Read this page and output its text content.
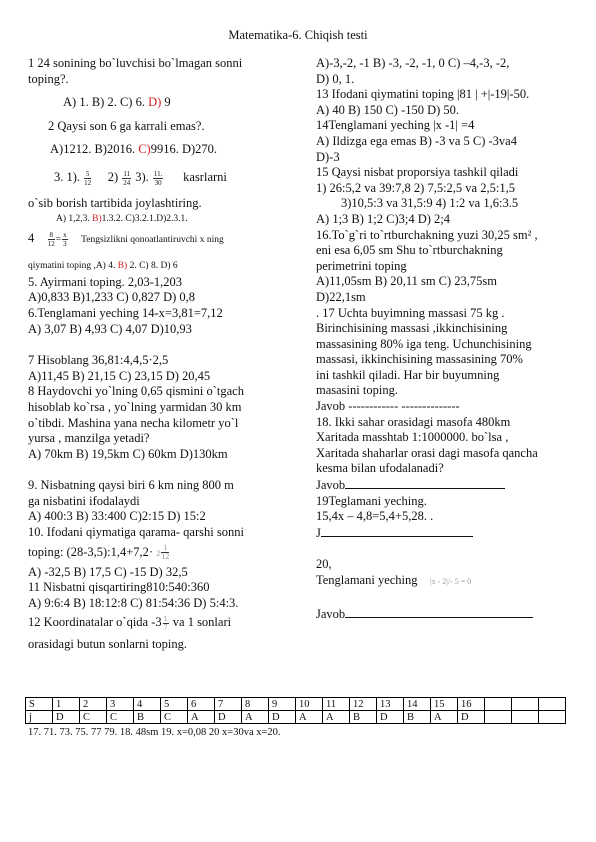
Matematika-6. Chiqish testi
1 24 sonining bo`luvchisi bo`lmagan sonni
toping?.
A) 1. B) 2. C) 6. D) 9
2 Qaysi son 6 ga karrali emas?.
A)1212. B)2016. C)9916. D)270.
3. 1). $\frac{5}{12} 2) \frac{11}{24} 3$). $\frac{11.}{30}$ kasrlarni
o`sib borish tartibida joylashtiring.
A) 1,2,3. B)1.3.2. C)3.2.1.D)2.3.1.
$4 \frac{8}{12} = \frac{x}{3}$ Tengsizliknі qonoatlantiruvchi x ning
qiymatini toping ,A) 4. B) 2. C) 8. D) 6
5. Ayirmani toping. 2,03-1,203
A)0,833 B)1,233 C) 0,827 D) 0,8
6.Tenglamani yeching 14-x=3,81=7,12
A) 3,07 B) 4,93 C) 4,07 D)10,93
7 Hisoblang 36,81:4,4,5·2,5
A)11,45 B) 21,15 C) 23,15 D) 20,45
8 Haydovchi yo`lning 0,65 qismini o`tgach
hisoblab ko`rsa , yo`lning yarmidan 30 km
o`tibdi. Mashina yana necha kilometr yo`l
yursa , manzilga yetadi?
A) 70km B) 19,5km C) 60km D)130km
9. Nisbatning qaysi biri 6 km ning 800 m
ga nisbatini ifodalaydi
A) 400:3 B) 33:400 C)2:15 D) 15:2
10. Ifodani qiymatiga qarama- qarshi sonni
toping: (28-3,5):1,4+7,2· $2 \frac{1}{12}$
A) -32,5 B) 17,5 C) -15 D) 32,5
11 Nisbatni qisqartiring810:540:360
A) 9:6:4 B) 18:12:8 C) 81:54:36 D) 5:4:3.
12 Koordinatalar o`qida $-3 \frac{1}{7}$ va 1 sonlari
orasidagi butun sonlarni toping.
A)-3,-2, -1 B) -3, -2, -1, 0 C) –4,-3, -2,
D) 0, 1.
13 Ifodani qiymatini toping |81 | +|-19|-50.
A) 40 B) 150 C) -150 D) 50.
14Tenglamani yeching |x -1| =4
A) Ildizga egа emas B) -3 va 5 C) -3va4
D)-3
15 Qaysi nisbat proporsiya tashkil qiladi
1) 26:5,2 va 39:7,8 2) 7,5:2,5 va 2,5:1,5
3)10,5:3 va 31,5:9 4) 1:2 va 1,6:3.5
A) 1;3 B) 1;2 C)3;4 D) 2;4
16.To`g`ri to`rtburchakning yuzi 30,25 sm² ,
eni esa 6,05 sm Shu to`rtburchakning
perimetrini toping
A)11,05sm B) 20,11 sm C) 23,75sm
D)22,1sm
. 17 Uchta buyimning massasi 75 kg .
Birinchisining massasi ,ikkinchisining
massasining 80% iga teng. Uchunchisining
massasi, ikkinchisining massasining 70%
ini tashkil qiladi. Har bir buyumning
masasini toping.
Javob ------------ --------------
18. Ikki sahar orasidagi masofa 480km
Xaritada masshtab 1:1000000. bo`lsa ,
Xaritada shaharlar orasi dagi masofa qancha
kesma bilan ufodalanadi?
Javob
19Teglamani yeching.
15,4x – 4,8=5,4+5,28. .
J
20,
Tenglamani yeching |x - 2|/- 5 = 0
Javob
S	1	2	3	4	5	6	7	8	9	10	11	12	13	14	15	16			
j	D	C	C	B	C	A	D	A	D	A	A	B	D	B	A	D			
17. 71. 73. 75. 77 79. 18. 48sm 19. x=0,08 20 x=30va x=20.
